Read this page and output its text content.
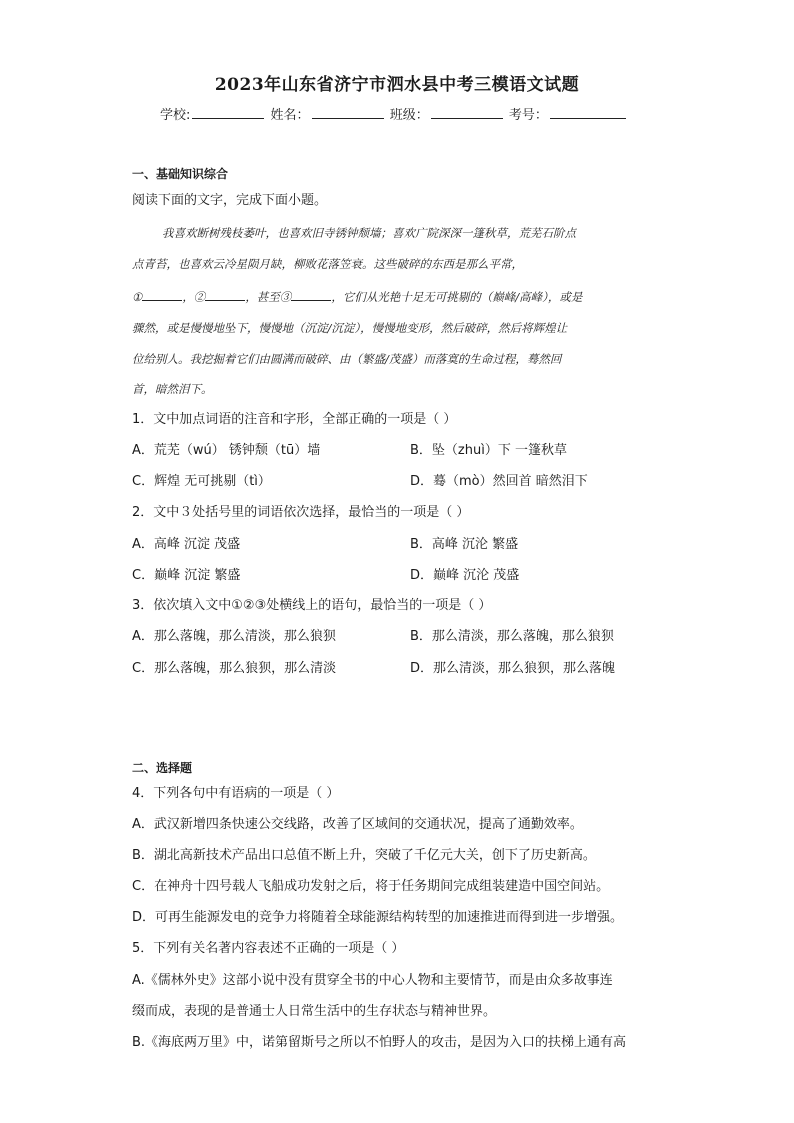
2023年山东省济宁市泗水县中考三模语文试题
学校:	姓名：	班级：	考号：
一、基础知识综合
阅读下面的文字，完成下面小题。
我喜欢断树残枝萎叶，也喜欢旧寺锈钟颓墙；喜欢广院深深一篷秋草，荒芜石阶点
点青苔，也喜欢云冷星陨月缺，柳败花落笠衰。这些破碎的东西是那么平常，
①	，②	，甚至③	，它们从光艳十足无可挑剔的（巅峰/高峰），或是
骤然，或是慢慢地坠下，慢慢地（沉淀/沉淀），慢慢地变形，然后破碎，然后将辉煌让
位给别人。我挖掘着它们由圆满而破碎、由（繁盛/茂盛）而落寞的生命过程，蓦然回
首，暗然泪下。
1．文中加点词语的注音和字形，全部正确的一项是（ ）
A．荒芜（wú） 锈钟颓（tū）墙	B．坠（zhuì）下 一篷秋草
C．辉煌 无可挑剔（tì）	D．蓦（mò）然回首 暗然泪下
2．文中３处括号里的词语依次选择，最恰当的一项是（ ）
A．高峰 沉淀 茂盛	B．高峰 沉沦 繁盛
C．巅峰 沉淀 繁盛	D．巅峰 沉沦 茂盛
3．依次填入文中①②③处横线上的语句，最恰当的一项是（ ）
A．那么落魄，那么清淡，那么狼狈	B．那么清淡，那么落魄，那么狼狈
C．那么落魄，那么狼狈，那么清淡	D．那么清淡，那么狼狈，那么落魄
二、选择题
4．下列各句中有语病的一项是（ ）
A．武汉新增四条快速公交线路，改善了区域间的交通状况，提高了通勤效率。
B．湖北高新技术产品出口总值不断上升，突破了千亿元大关，创下了历史新高。
C．在神舟十四号载人飞船成功发射之后，将于任务期间完成组装建造中国空间站。
D．可再生能源发电的竞争力将随着全球能源结构转型的加速推进而得到进一步增强。
5．下列有关名著内容表述不正确的一项是（ ）
A.《儒林外史》这部小说中没有贯穿全书的中心人物和主要情节，而是由众多故事连
缀而成，表现的是普通士人日常生活中的生存状态与精神世界。
B.《海底两万里》中，诺第留斯号之所以不怕野人的攻击，是因为入口的扶梯上通有高
